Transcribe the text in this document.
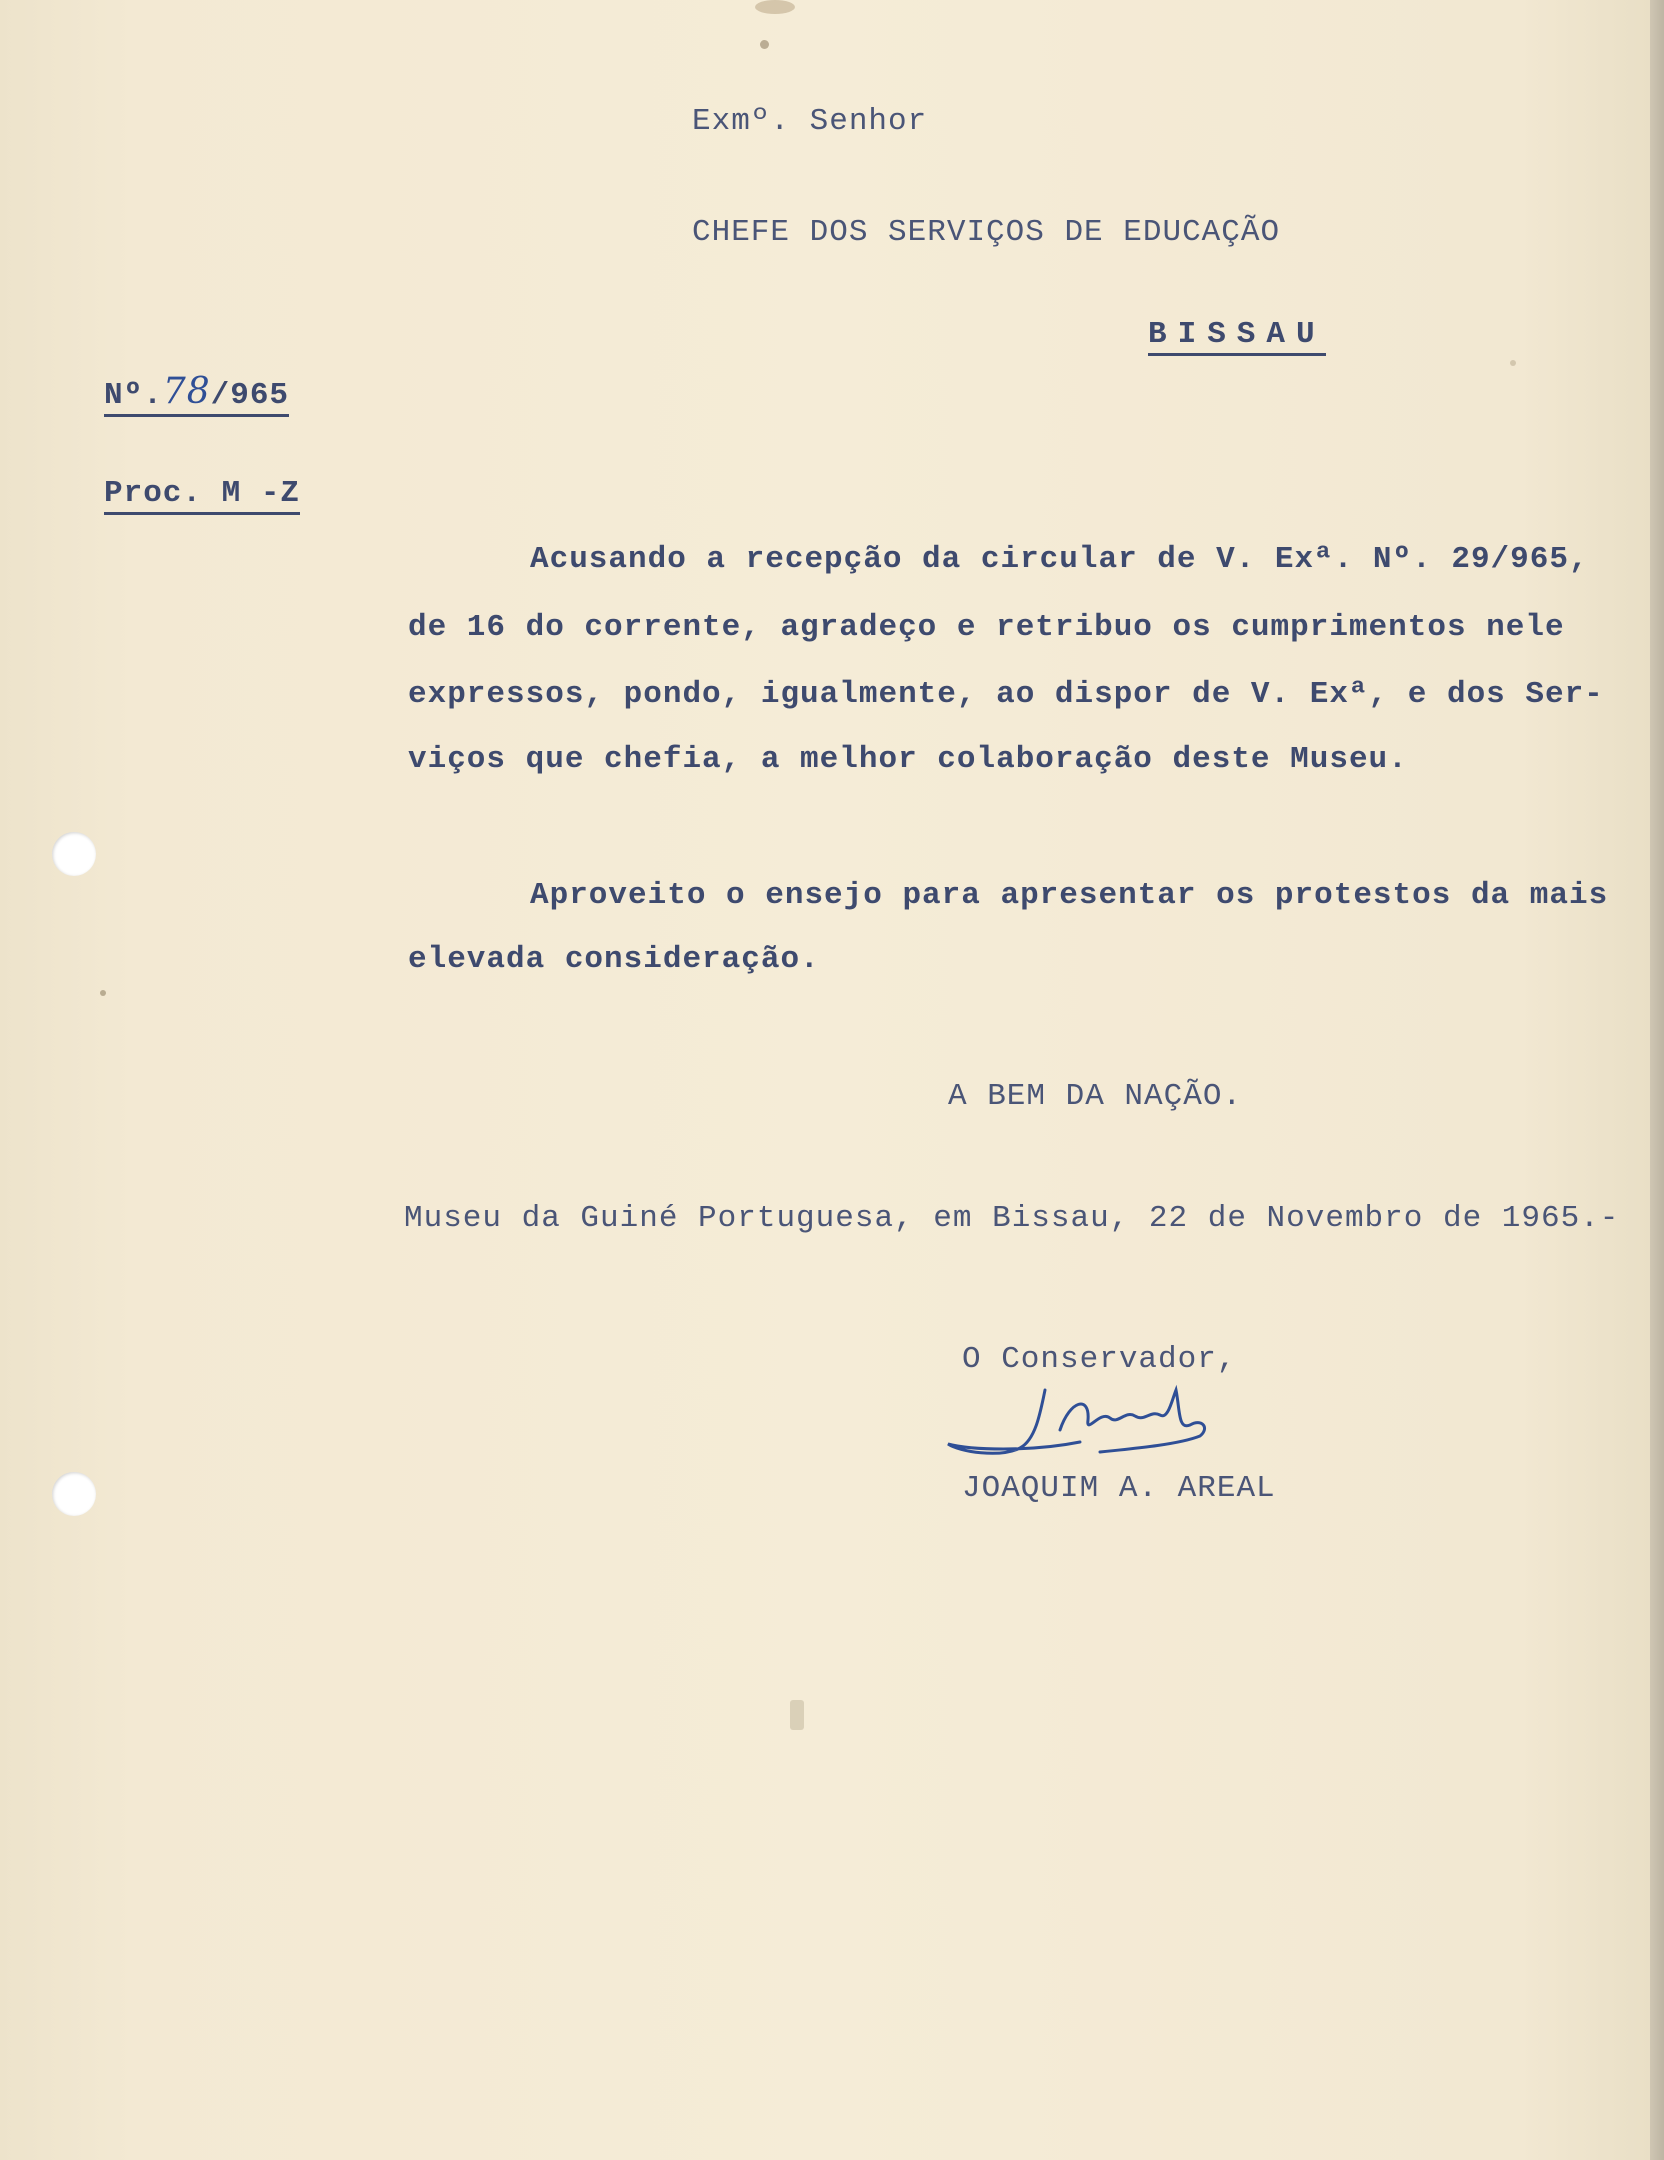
Exmº. Senhor
CHEFE DOS SERVIÇOS DE EDUCAÇÃO
BISSAU
Nº.78/965
Proc. M -Z
Acusando a recepção da circular de V. Exª. Nº. 29/965,
de 16 do corrente, agradeço e retribuo os cumprimentos nele
expressos, pondo, igualmente, ao dispor de V. Exª, e dos Ser-
viços que chefia, a melhor colaboração deste Museu.
Aproveito o ensejo para apresentar os protestos da mais
elevada consideração.
A BEM DA NAÇÃO.
Museu da Guiné Portuguesa, em Bissau, 22 de Novembro de 1965.-
O Conservador,
JOAQUIM A. AREAL
